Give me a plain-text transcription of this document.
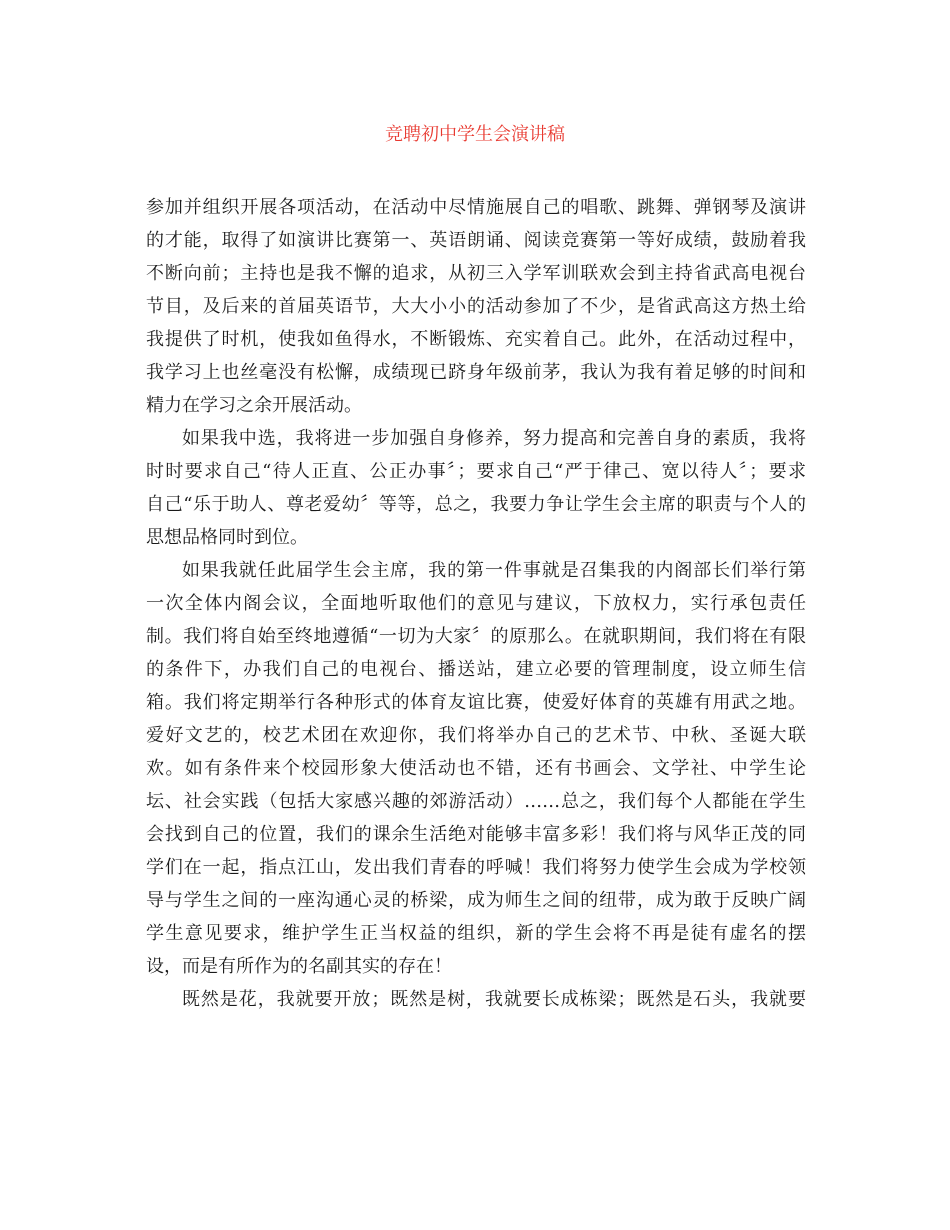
竞聘初中学生会演讲稿
参加并组织开展各项活动，在活动中尽情施展自己的唱歌、跳舞、弹钢琴及演讲
的才能，取得了如演讲比赛第一、英语朗诵、阅读竞赛第一等好成绩，鼓励着我
不断向前；主持也是我不懈的追求，从初三入学军训联欢会到主持省武高电视台
节目，及后来的首届英语节，大大小小的活动参加了不少，是省武高这方热土给
我提供了时机，使我如鱼得水，不断锻炼、充实着自己。此外，在活动过程中，
我学习上也丝毫没有松懈，成绩现已跻身年级前茅，我认为我有着足够的时间和
精力在学习之余开展活动。
如果我中选，我将进一步加强自身修养，努力提高和完善自身的素质，我将
时时要求自己“待人正直、公正办事〞；要求自己“严于律己、宽以待人〞；要求
自己“乐于助人、尊老爱幼〞等等，总之，我要力争让学生会主席的职责与个人的
思想品格同时到位。
如果我就任此届学生会主席，我的第一件事就是召集我的内阁部长们举行第
一次全体内阁会议，全面地听取他们的意见与建议，下放权力，实行承包责任
制。我们将自始至终地遵循“一切为大家〞的原那么。在就职期间，我们将在有限
的条件下，办我们自己的电视台、播送站，建立必要的管理制度，设立师生信
箱。我们将定期举行各种形式的体育友谊比赛，使爱好体育的英雄有用武之地。
爱好文艺的，校艺术团在欢迎你，我们将举办自己的艺术节、中秋、圣诞大联
欢。如有条件来个校园形象大使活动也不错，还有书画会、文学社、中学生论
坛、社会实践（包括大家感兴趣的郊游活动）……总之，我们每个人都能在学生
会找到自己的位置，我们的课余生活绝对能够丰富多彩！我们将与风华正茂的同
学们在一起，指点江山，发出我们青春的呼喊！我们将努力使学生会成为学校领
导与学生之间的一座沟通心灵的桥梁，成为师生之间的纽带，成为敢于反映广阔
学生意见要求，维护学生正当权益的组织，新的学生会将不再是徒有虚名的摆
设，而是有所作为的名副其实的存在！
既然是花，我就要开放；既然是树，我就要长成栋梁；既然是石头，我就要
